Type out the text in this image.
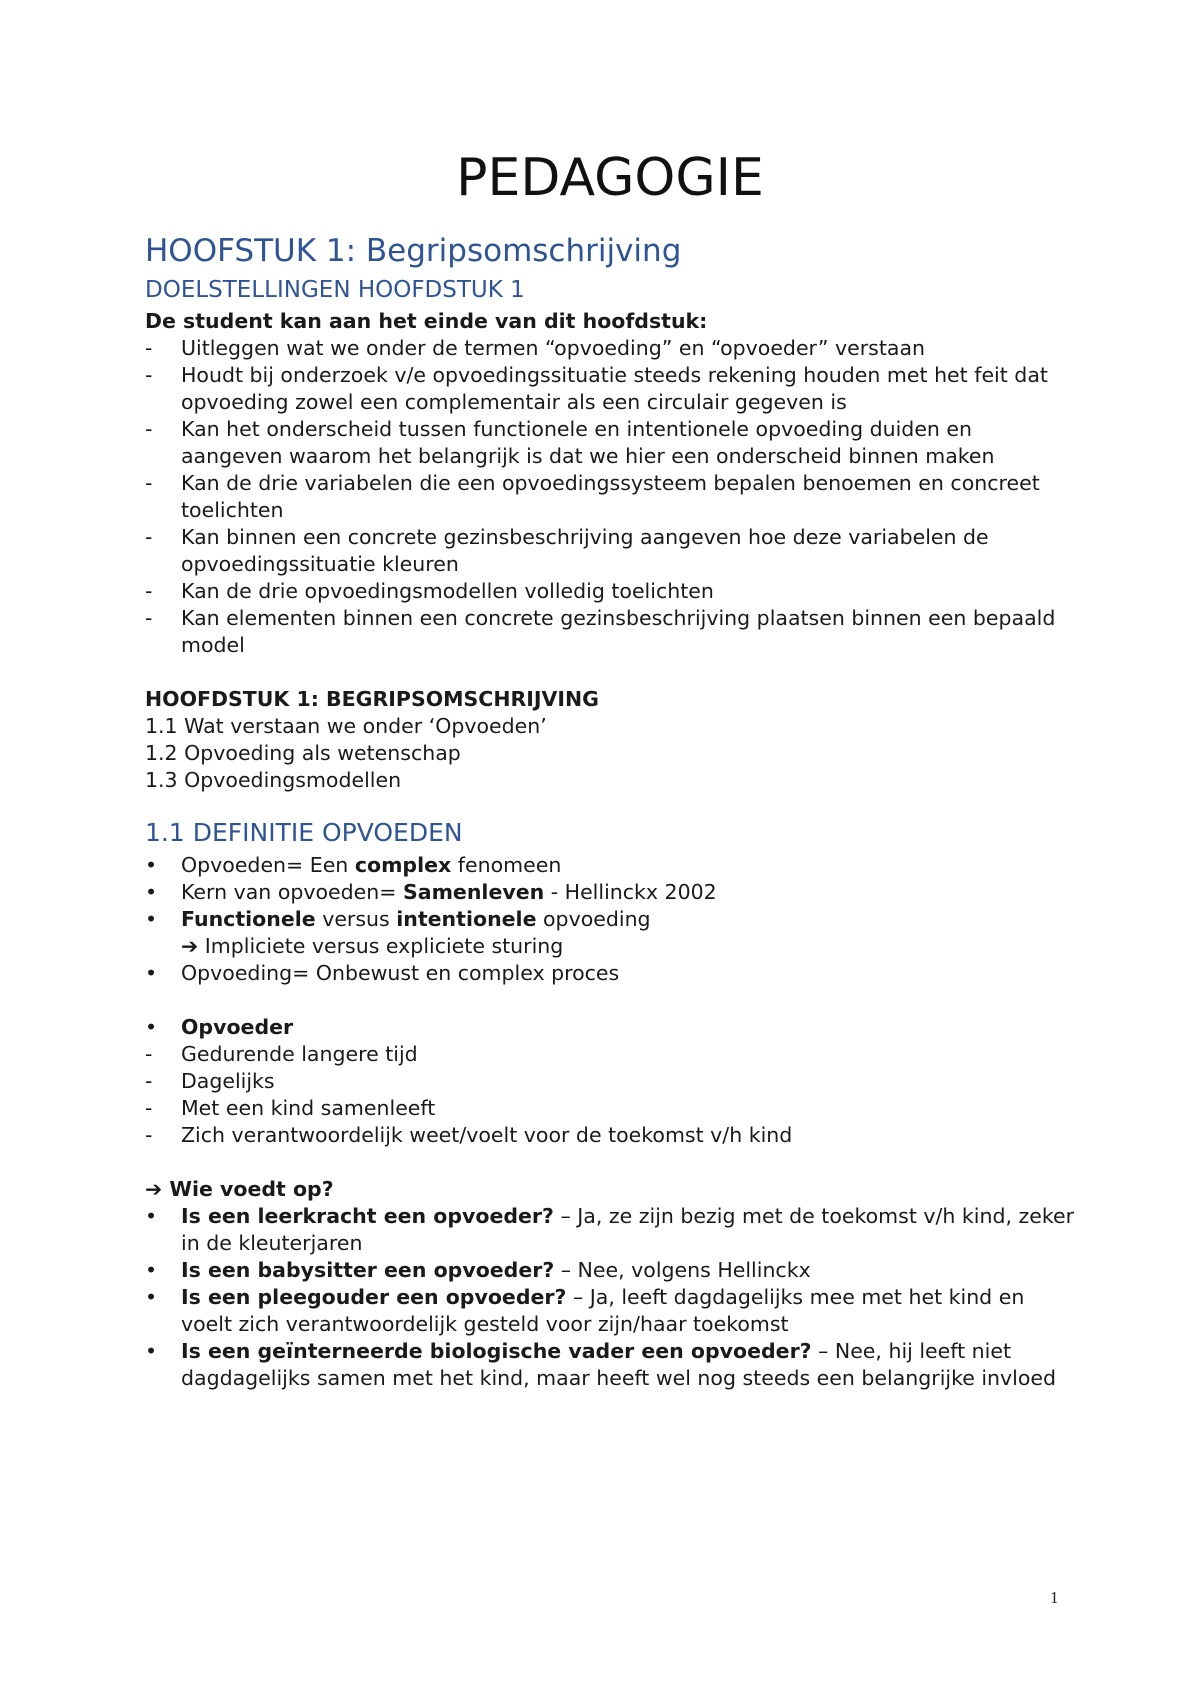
PEDAGOGIE
HOOFSTUK 1: Begripsomschrijving
DOELSTELLINGEN HOOFDSTUK 1

De student kan aan het einde van dit hoofdstuk:

-	Uitleggen wat we onder de termen “opvoeding” en “opvoeder” verstaan
-	Houdt bij onderzoek v/e opvoedingssituatie steeds rekening houden met het feit dat opvoeding zowel een complementair als een circulair gegeven is
-	Kan het onderscheid tussen functionele en intentionele opvoeding duiden en aangeven waarom het belangrijk is dat we hier een onderscheid binnen maken
-	Kan de drie variabelen die een opvoedingssysteem bepalen benoemen en concreet toelichten
-	Kan binnen een concrete gezinsbeschrijving aangeven hoe deze variabelen de opvoedingssituatie kleuren
-	Kan de drie opvoedingsmodellen volledig toelichten
-	Kan elementen binnen een concrete gezinsbeschrijving plaatsen binnen een bepaald model

HOOFDSTUK 1: BEGRIPSOMSCHRIJVING

1.1 Wat verstaan we onder ‘Opvoeden’

1.2 Opvoeding als wetenschap

1.3 Opvoedingsmodellen

1.1 DEFINITIE OPVOEDEN
•	Opvoeden= Een complex fenomeen
•	Kern van opvoeden= Samenleven - Hellinckx 2002
•	Functionele versus intentionele opvoeding
➔ Impliciete versus expliciete sturing
•	Opvoeding= Onbewust en complex proces
•	Opvoeder
-	Gedurende langere tijd
-	Dagelijks
-	Met een kind samenleeft
-	Zich verantwoordelijk weet/voelt voor de toekomst v/h kind

➔ Wie voedt op?

•	Is een leerkracht een opvoeder? – Ja, ze zijn bezig met de toekomst v/h kind, zeker in de kleuterjaren
•	Is een babysitter een opvoeder? – Nee, volgens Hellinckx
•	Is een pleegouder een opvoeder? – Ja, leeft dagdagelijks mee met het kind en voelt zich verantwoordelijk gesteld voor zijn/haar toekomst
•	Is een geïnterneerde biologische vader een opvoeder? – Nee, hij leeft niet dagdagelijks samen met het kind, maar heeft wel nog steeds een belangrijke invloed
1
